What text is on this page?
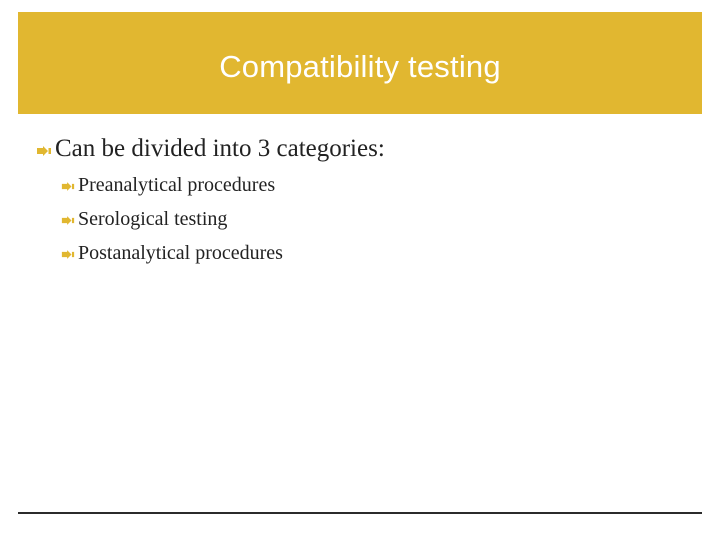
Compatibility testing
Can be divided into 3 categories:
Preanalytical procedures
Serological testing
Postanalytical procedures
